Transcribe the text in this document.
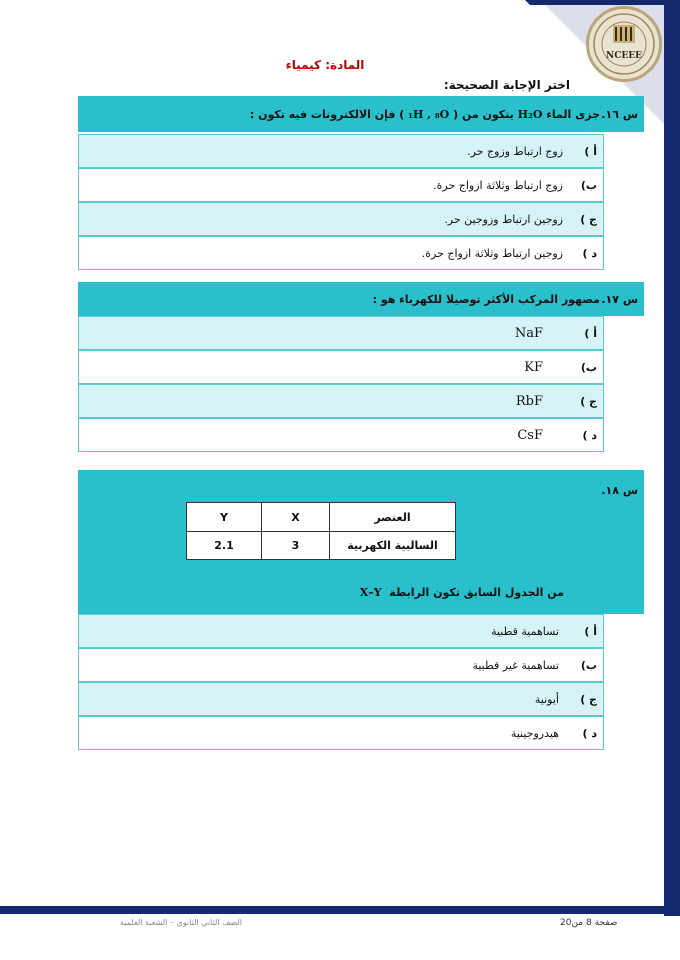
NCEEE
المادة: كيمياء
اختر الإجابة الصحيحة:
س ١٦.
جزى الماء

H₂O

يتكون من (

₁H , ₈O

) فإن الالكترونات فيه تكون :
أ )
زوج ارتباط وزوج حر.
ب)
زوج ارتباط وثلاثة ازواج حرة.
ج )
زوجين ارتباط وزوجين حر.
د )
زوجين ارتباط وثلاثة ازواج حرة.
س ١٧.
مصهور المركب الأكثر توصيلا للكهرباء هو :
أ )
NaF
ب)
KF
ج )
RbF
د )
CsF
س ١٨.
من الجدول السابق تكون الرابطة

X–Y
Y	X	العنصر
2.1	3	السالبية الكهربية
أ )
تساهمية قطبية
ب)
تساهمية غير قطبية
ج )
أيونية
د )
هيدروجينية
الصف الثاني الثانوي – الشعبة العلمية	صفحة 8 من20
